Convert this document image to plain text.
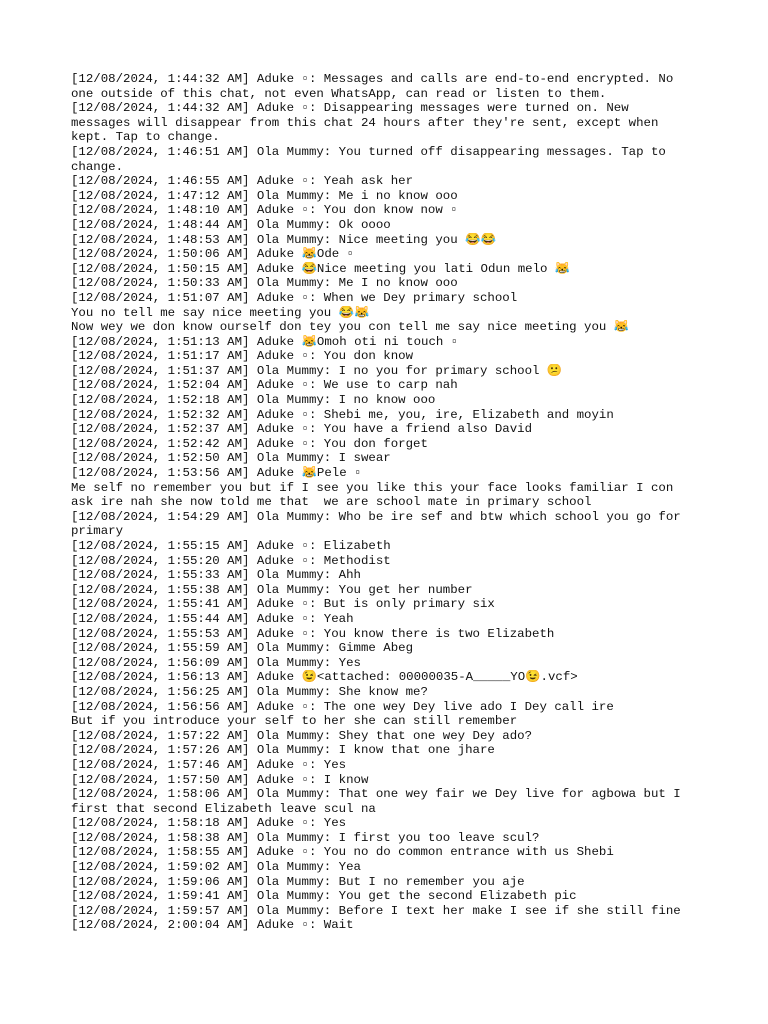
[12/08/2024, 1:44:32 AM] Aduke ▫: Messages and calls are end-to-end encrypted. No
one outside of this chat, not even WhatsApp, can read or listen to them.
[12/08/2024, 1:44:32 AM] Aduke ▫: Disappearing messages were turned on. New
messages will disappear from this chat 24 hours after they're sent, except when
kept. Tap to change.
[12/08/2024, 1:46:51 AM] Ola Mummy: You turned off disappearing messages. Tap to
change.
[12/08/2024, 1:46:55 AM] Aduke ▫: Yeah ask her
[12/08/2024, 1:47:12 AM] Ola Mummy: Me i no know ooo
[12/08/2024, 1:48:10 AM] Aduke ▫: You don know now ▫
[12/08/2024, 1:48:44 AM] Ola Mummy: Ok oooo
[12/08/2024, 1:48:53 AM] Ola Mummy: Nice meeting you 😂😂
[12/08/2024, 1:50:06 AM] Aduke 😹Ode ▫
[12/08/2024, 1:50:15 AM] Aduke 😂Nice meeting you lati Odun melo 😹
[12/08/2024, 1:50:33 AM] Ola Mummy: Me I no know ooo
[12/08/2024, 1:51:07 AM] Aduke ▫: When we Dey primary school
You no tell me say nice meeting you 😂😹
Now wey we don know ourself don tey you con tell me say nice meeting you 😹
[12/08/2024, 1:51:13 AM] Aduke 😹Omoh oti ni touch ▫
[12/08/2024, 1:51:17 AM] Aduke ▫: You don know
[12/08/2024, 1:51:37 AM] Ola Mummy: I no you for primary school 😕
[12/08/2024, 1:52:04 AM] Aduke ▫: We use to carp nah
[12/08/2024, 1:52:18 AM] Ola Mummy: I no know ooo
[12/08/2024, 1:52:32 AM] Aduke ▫: Shebi me, you, ire, Elizabeth and moyin
[12/08/2024, 1:52:37 AM] Aduke ▫: You have a friend also David
[12/08/2024, 1:52:42 AM] Aduke ▫: You don forget
[12/08/2024, 1:52:50 AM] Ola Mummy: I swear
[12/08/2024, 1:53:56 AM] Aduke 😹Pele ▫
Me self no remember you but if I see you like this your face looks familiar I con
ask ire nah she now told me that  we are school mate in primary school
[12/08/2024, 1:54:29 AM] Ola Mummy: Who be ire sef and btw which school you go for
primary
[12/08/2024, 1:55:15 AM] Aduke ▫: Elizabeth
[12/08/2024, 1:55:20 AM] Aduke ▫: Methodist
[12/08/2024, 1:55:33 AM] Ola Mummy: Ahh
[12/08/2024, 1:55:38 AM] Ola Mummy: You get her number
[12/08/2024, 1:55:41 AM] Aduke ▫: But is only primary six
[12/08/2024, 1:55:44 AM] Aduke ▫: Yeah
[12/08/2024, 1:55:53 AM] Aduke ▫: You know there is two Elizabeth
[12/08/2024, 1:55:59 AM] Ola Mummy: Gimme Abeg
[12/08/2024, 1:56:09 AM] Ola Mummy: Yes
[12/08/2024, 1:56:13 AM] Aduke 😉<attached: 00000035-A_____YO😉.vcf>
[12/08/2024, 1:56:25 AM] Ola Mummy: She know me?
[12/08/2024, 1:56:56 AM] Aduke ▫: The one wey Dey live ado I Dey call ire
But if you introduce your self to her she can still remember
[12/08/2024, 1:57:22 AM] Ola Mummy: Shey that one wey Dey ado?
[12/08/2024, 1:57:26 AM] Ola Mummy: I know that one jhare
[12/08/2024, 1:57:46 AM] Aduke ▫: Yes
[12/08/2024, 1:57:50 AM] Aduke ▫: I know
[12/08/2024, 1:58:06 AM] Ola Mummy: That one wey fair we Dey live for agbowa but I
first that second Elizabeth leave scul na
[12/08/2024, 1:58:18 AM] Aduke ▫: Yes
[12/08/2024, 1:58:38 AM] Ola Mummy: I first you too leave scul?
[12/08/2024, 1:58:55 AM] Aduke ▫: You no do common entrance with us Shebi
[12/08/2024, 1:59:02 AM] Ola Mummy: Yea
[12/08/2024, 1:59:06 AM] Ola Mummy: But I no remember you aje
[12/08/2024, 1:59:41 AM] Ola Mummy: You get the second Elizabeth pic
[12/08/2024, 1:59:57 AM] Ola Mummy: Before I text her make I see if she still fine
[12/08/2024, 2:00:04 AM] Aduke ▫: Wait
